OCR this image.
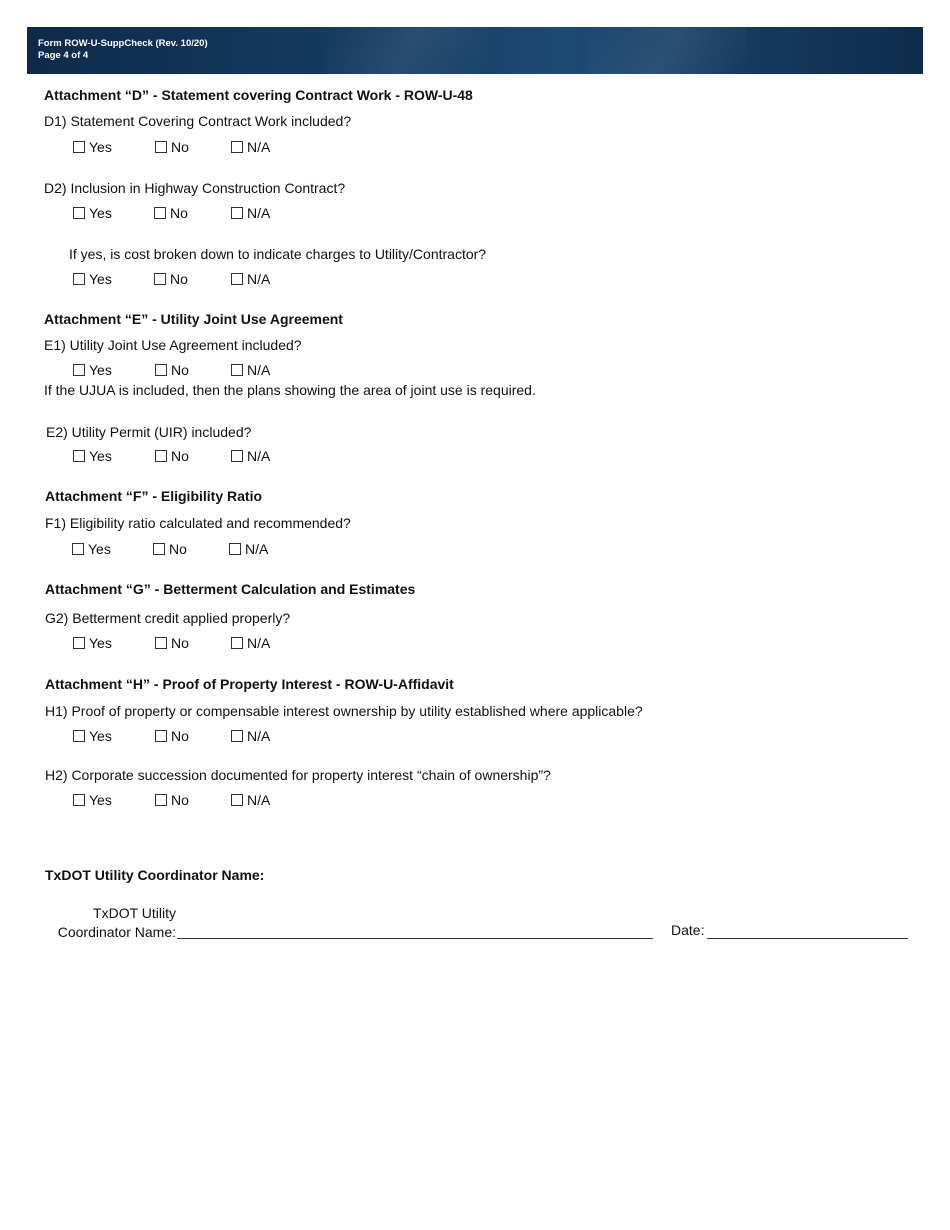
Form ROW-U-SuppCheck (Rev. 10/20)
Page 4 of 4
Attachment “D” - Statement covering Contract Work - ROW-U-48
D1) Statement Covering Contract Work included?
Yes	No	N/A
D2) Inclusion in Highway Construction Contract?
Yes	No	N/A
If yes, is cost broken down to indicate charges to Utility/Contractor?
Yes	No	N/A
Attachment “E” - Utility Joint Use Agreement
E1) Utility Joint Use Agreement included?
Yes	No	N/A
If the UJUA is included, then the plans showing the area of joint use is required.
E2) Utility Permit (UIR) included?
Yes	No	N/A
Attachment “F” - Eligibility Ratio
F1) Eligibility ratio calculated and recommended?
Yes	No	N/A
Attachment “G” - Betterment Calculation and Estimates
G2) Betterment credit applied properly?
Yes	No	N/A
Attachment “H” - Proof of Property Interest - ROW-U-Affidavit
H1) Proof of property or compensable interest ownership by utility established where applicable?
Yes	No	N/A
H2) Corporate succession documented for property interest “chain of ownership”?
Yes	No	N/A
TxDOT Utility Coordinator Name:
TxDOT Utility
Coordinator Name:	Date:
